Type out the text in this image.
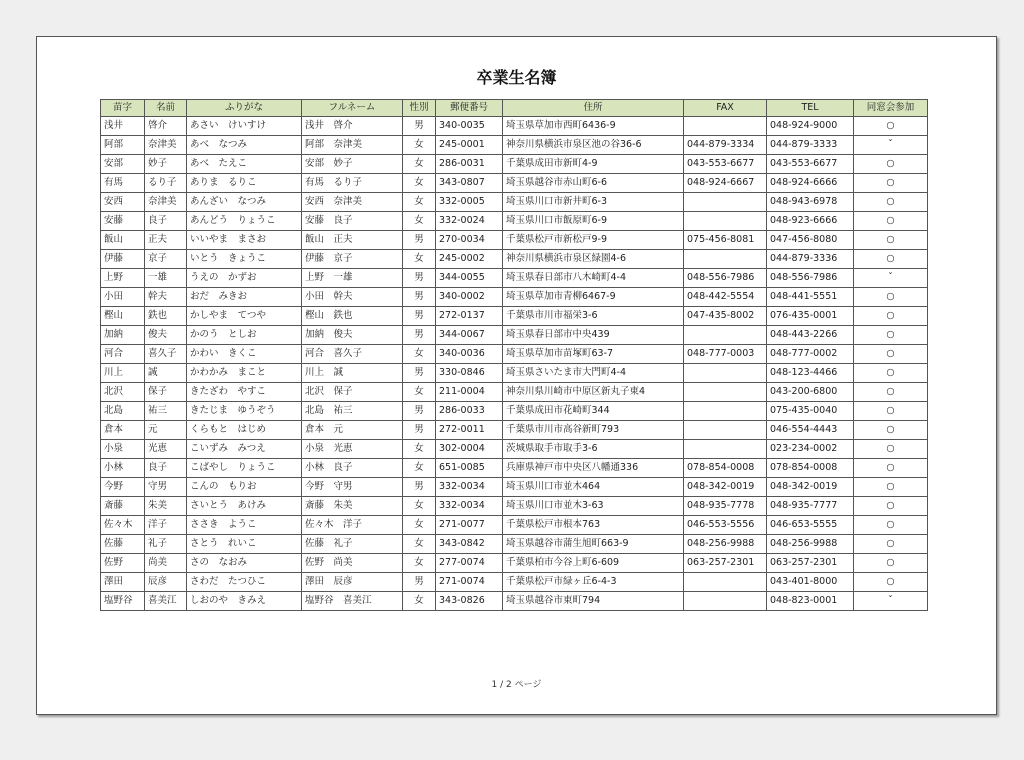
卒業生名簿
苗字	名前	ふりがな	フルネーム	性別	郵便番号	住所	FAX	TEL	同窓会参加
浅井	啓介	あさい　けいすけ	浅井　啓介	男	340-0035	埼玉県草加市西町6436-9		048-924-9000	○
阿部	奈津美	あべ　なつみ	阿部　奈津美	女	245-0001	神奈川県横浜市泉区池の谷36-6	044-879-3334	044-879-3333	ˇ
安部	妙子	あべ　たえこ	安部　妙子	女	286-0031	千葉県成田市新町4-9	043-553-6677	043-553-6677	○
有馬	るり子	ありま　るりこ	有馬　るり子	女	343-0807	埼玉県越谷市赤山町6-6	048-924-6667	048-924-6666	○
安西	奈津美	あんざい　なつみ	安西　奈津美	女	332-0005	埼玉県川口市新井町6-3		048-943-6978	○
安藤	良子	あんどう　りょうこ	安藤　良子	女	332-0024	埼玉県川口市飯原町6-9		048-923-6666	○
飯山	正夫	いいやま　まさお	飯山　正夫	男	270-0034	千葉県松戸市新松戸9-9	075-456-8081	047-456-8080	○
伊藤	京子	いとう　きょうこ	伊藤　京子	女	245-0002	神奈川県横浜市泉区緑園4-6		044-879-3336	○
上野	一雄	うえの　かずお	上野　一雄	男	344-0055	埼玉県春日部市八木崎町4-4	048-556-7986	048-556-7986	ˇ
小田	幹夫	おだ　みきお	小田　幹夫	男	340-0002	埼玉県草加市青柳6467-9	048-442-5554	048-441-5551	○
樫山	鉄也	かしやま　てつや	樫山　鉄也	男	272-0137	千葉県市川市福栄3-6	047-435-8002	076-435-0001	○
加納	俊夫	かのう　としお	加納　俊夫	男	344-0067	埼玉県春日部市中央439		048-443-2266	○
河合	喜久子	かわい　きくこ	河合　喜久子	女	340-0036	埼玉県草加市苗塚町63-7	048-777-0003	048-777-0002	○
川上	誠	かわかみ　まこと	川上　誠	男	330-0846	埼玉県さいたま市大門町4-4		048-123-4466	○
北沢	保子	きたざわ　やすこ	北沢　保子	女	211-0004	神奈川県川崎市中原区新丸子東4		043-200-6800	○
北島	祐三	きたじま　ゆうぞう	北島　祐三	男	286-0033	千葉県成田市花崎町344		075-435-0040	○
倉本	元	くらもと　はじめ	倉本　元	男	272-0011	千葉県市川市高谷新町793		046-554-4443	○
小泉	光恵	こいずみ　みつえ	小泉　光恵	女	302-0004	茨城県取手市取手3-6		023-234-0002	○
小林	良子	こばやし　りょうこ	小林　良子	女	651-0085	兵庫県神戸市中央区八幡通336	078-854-0008	078-854-0008	○
今野	守男	こんの　もりお	今野　守男	男	332-0034	埼玉県川口市並木464	048-342-0019	048-342-0019	○
斎藤	朱美	さいとう　あけみ	斎藤　朱美	女	332-0034	埼玉県川口市並木3-63	048-935-7778	048-935-7777	○
佐々木	洋子	ささき　ようこ	佐々木　洋子	女	271-0077	千葉県松戸市根本763	046-553-5556	046-653-5555	○
佐藤	礼子	さとう　れいこ	佐藤　礼子	女	343-0842	埼玉県越谷市蒲生旭町663-9	048-256-9988	048-256-9988	○
佐野	尚美	さの　なおみ	佐野　尚美	女	277-0074	千葉県柏市今谷上町6-609	063-257-2301	063-257-2301	○
澤田	辰彦	さわだ　たつひこ	澤田　辰彦	男	271-0074	千葉県松戸市緑ヶ丘6-4-3		043-401-8000	○
塩野谷	喜美江	しおのや　きみえ	塩野谷　喜美江	女	343-0826	埼玉県越谷市東町794		048-823-0001	ˇ
1 / 2 ページ
